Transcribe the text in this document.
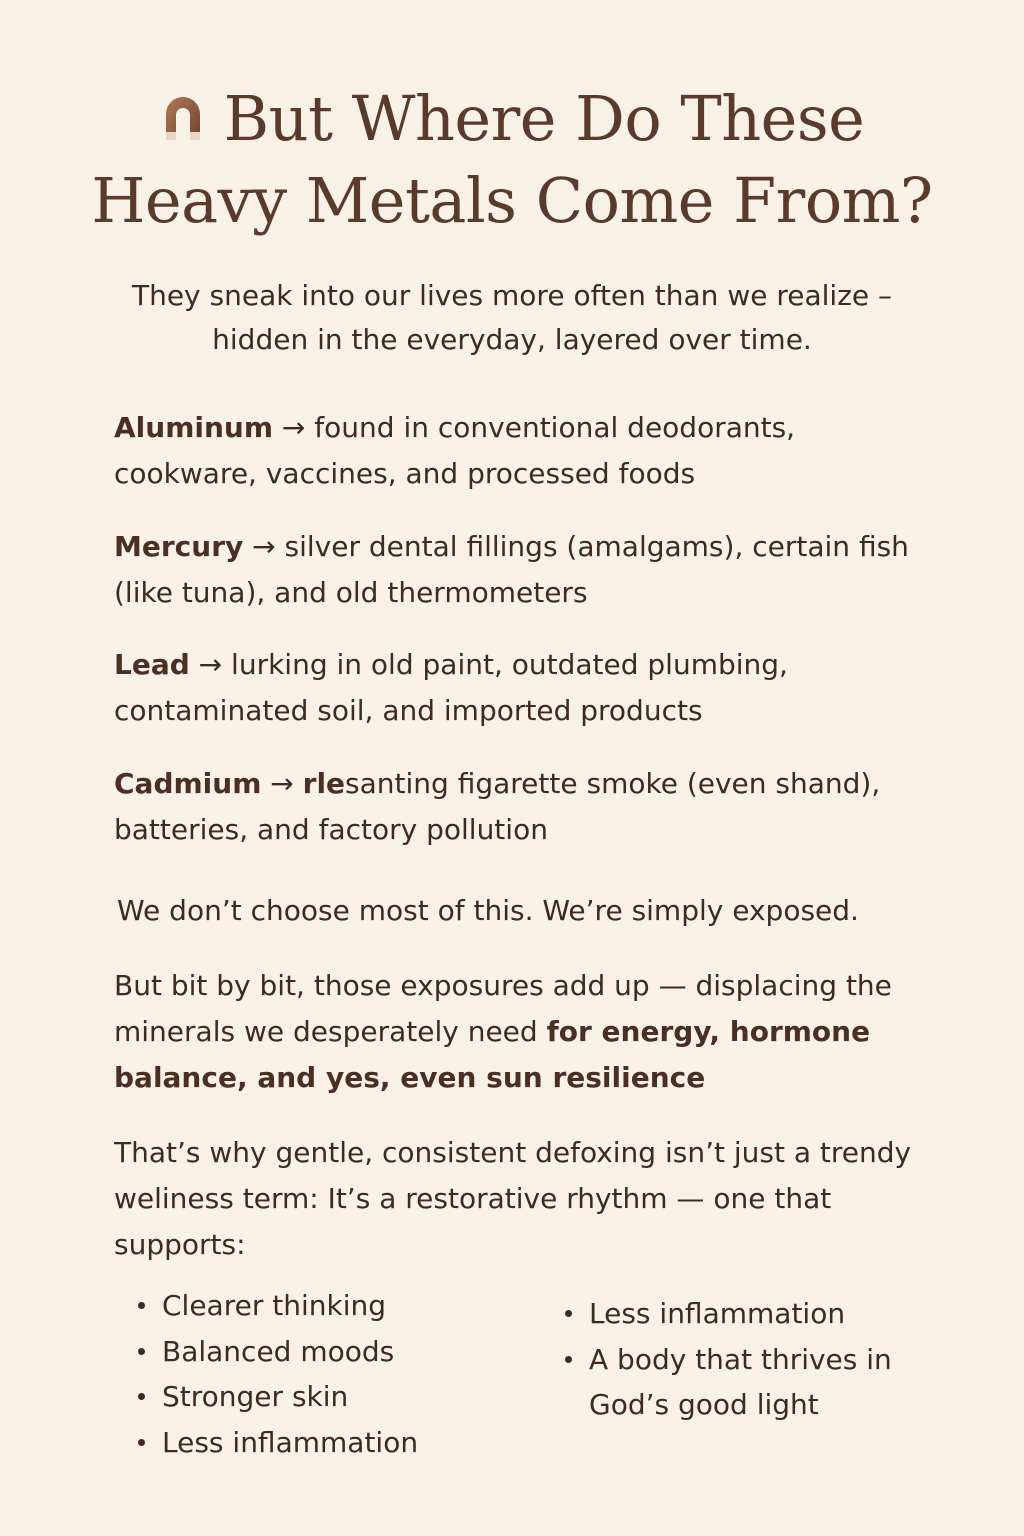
But Where Do These
Heavy Metals Come From?
They sneak into our lives more often than we realize –
hidden in the everyday, layered over time.
Aluminum → found in conventional deodorants, cookware, vaccines, and processed foods
Mercury → silver dental fillings (amalgams), certain fish (like tuna), and old thermometers
Lead → lurking in old paint, outdated plumbing, contaminated soil, and imported products
Cadmium → rlesanting figarette smoke (even shand), batteries, and factory pollution
We don’t choose most of this. We’re simply exposed.
But bit by bit, those exposures add up — displacing the minerals we desperately need for energy, hormone balance, and yes, even sun resilience
That’s why gentle, consistent defoxing isn’t just a trendy weliness term: It’s a restorative rhythm — one that supports:
Clearer thinking
Balanced moods
Stronger skin
Less inflammation
Less inflammation
A body that thrives in God’s good light
